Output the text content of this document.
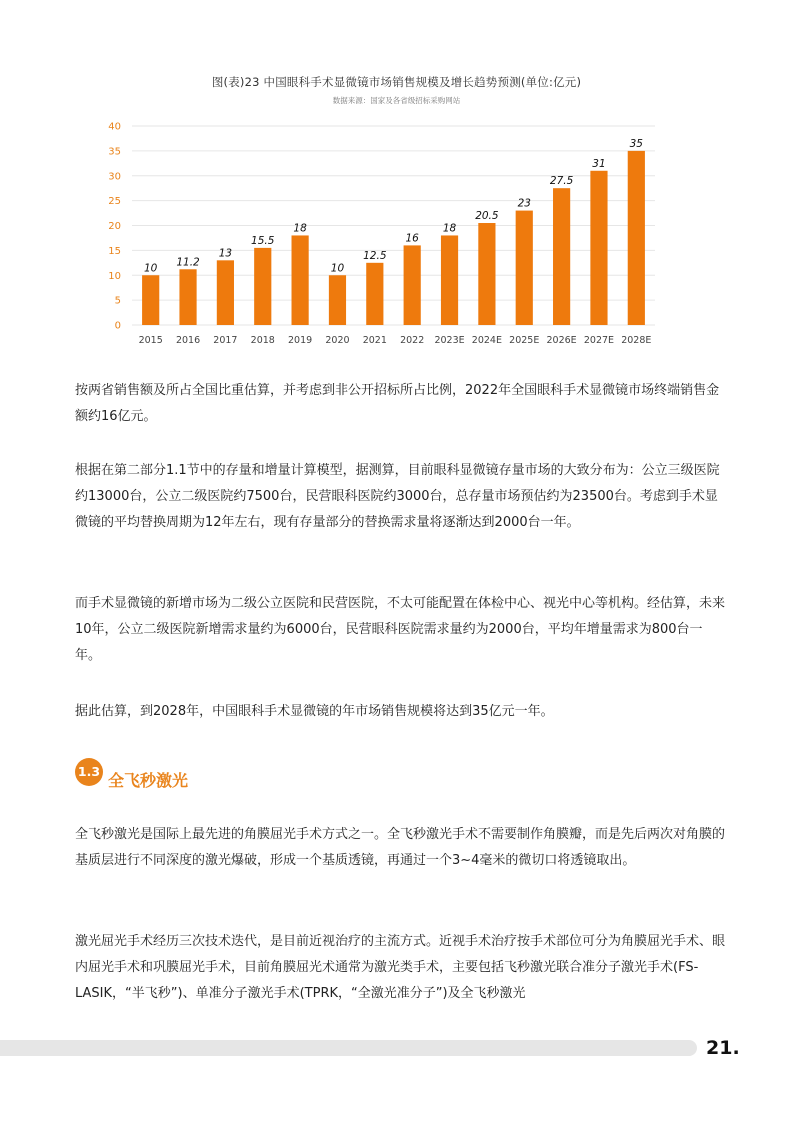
图(表)23 中国眼科手术显微镜市场销售规模及增长趋势预测(单位:亿元)
数据来源：国家及各省级招标采购网站
0
5
10
15
20
25
30
35
40
10
2015
11.2
2016
13
2017
15.5
2018
18
2019
10
2020
12.5
2021
16
2022
18
2023E
20.5
2024E
23
2025E
27.5
2026E
31
2027E
35
2028E
按两省销售额及所占全国比重估算，并考虑到非公开招标所占比例，2022年全国眼科手术显微镜市场终端销售金额约16亿元。
根据在第二部分1.1节中的存量和增量计算模型，据测算，目前眼科显微镜存量市场的大致分布为：公立三级医院约13000台，公立二级医院约7500台，民营眼科医院约3000台，总存量市场预估约为23500台。考虑到手术显微镜的平均替换周期为12年左右，现有存量部分的替换需求量将逐渐达到2000台一年。
而手术显微镜的新增市场为二级公立医院和民营医院，不太可能配置在体检中心、视光中心等机构。经估算，未来10年，公立二级医院新增需求量约为6000台，民营眼科医院需求量约为2000台，平均年增量需求为800台一年。
据此估算，到2028年，中国眼科手术显微镜的年市场销售规模将达到35亿元一年。
1.3 全飞秒激光
全飞秒激光是国际上最先进的角膜屈光手术方式之一。全飞秒激光手术不需要制作角膜瓣，而是先后两次对角膜的基质层进行不同深度的激光爆破，形成一个基质透镜，再通过一个3~4毫米的微切口将透镜取出。
激光屈光手术经历三次技术迭代，是目前近视治疗的主流方式。近视手术治疗按手术部位可分为角膜屈光手术、眼内屈光手术和巩膜屈光手术，目前角膜屈光术通常为激光类手术，主要包括飞秒激光联合准分子激光手术(FS-LASIK，“半飞秒”)、单准分子激光手术(TPRK，“全激光准分子”)及全飞秒激光
21.
